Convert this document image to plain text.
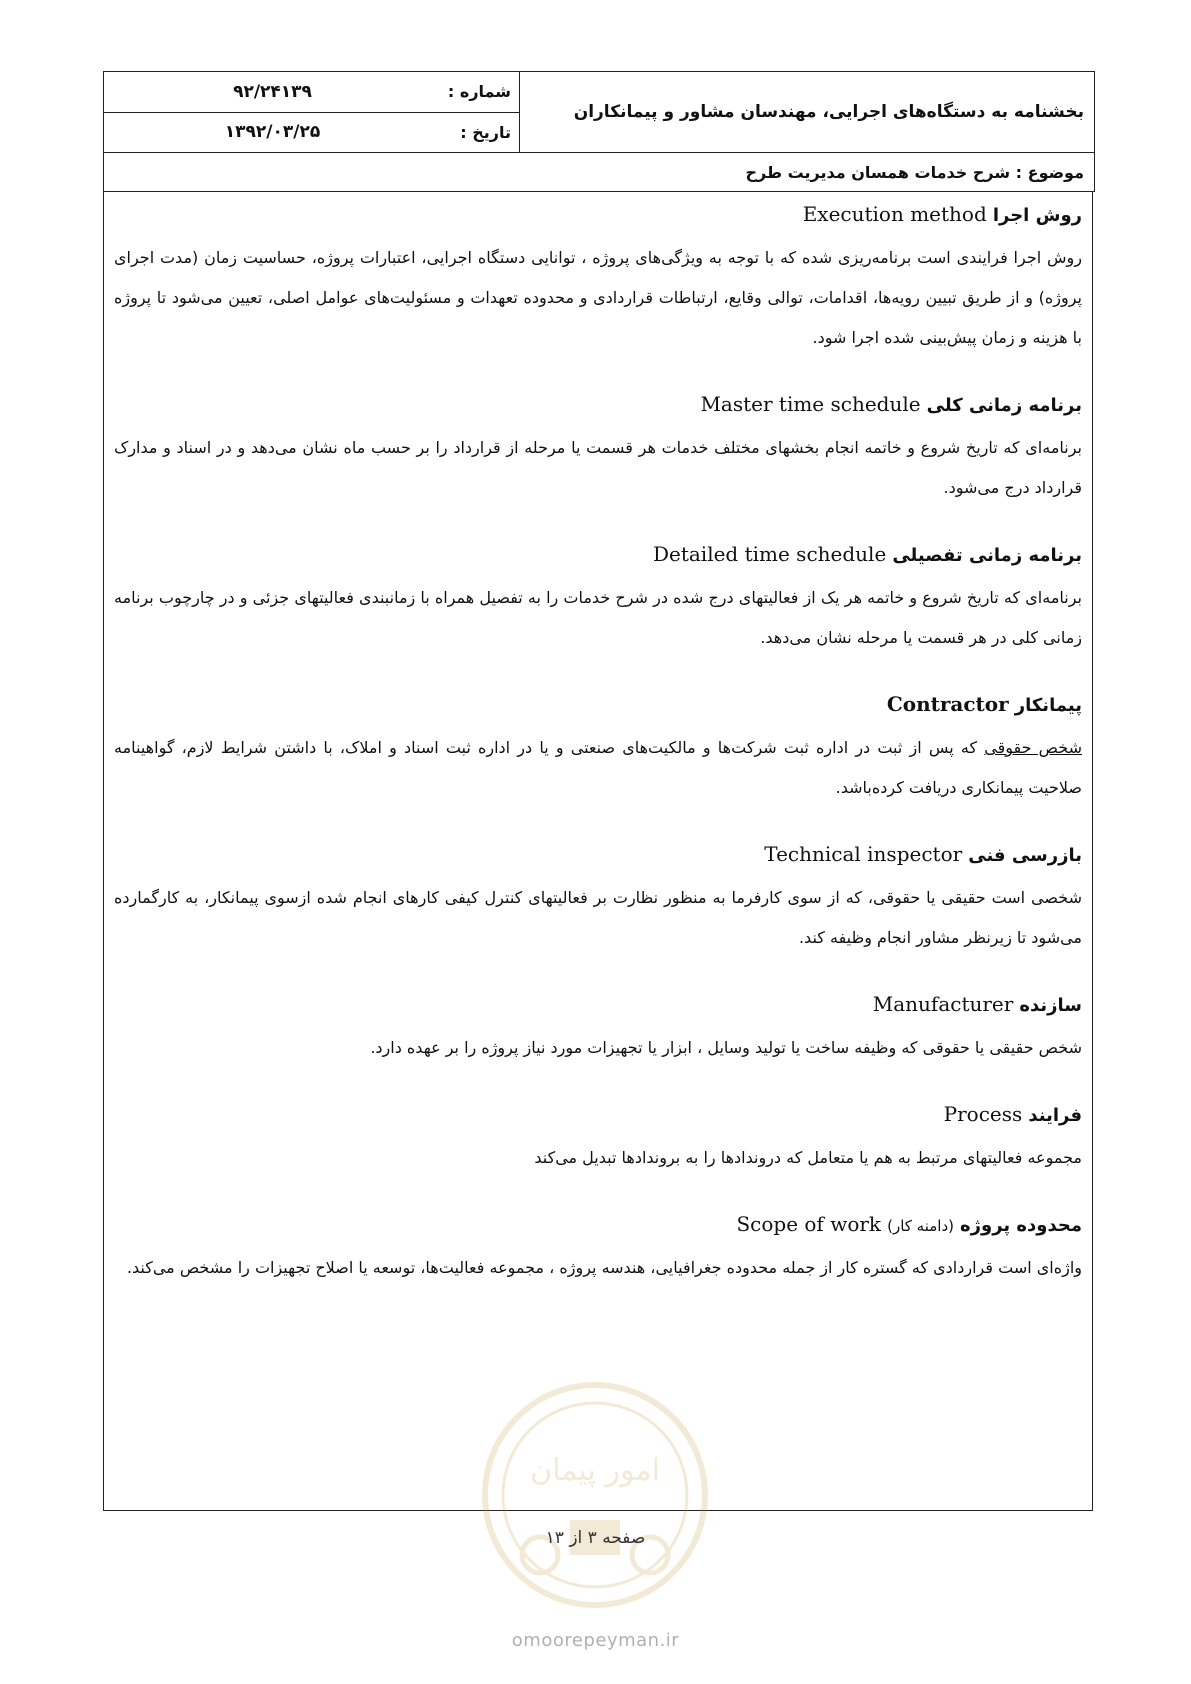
بخشنامه به دستگاه‌های اجرایی، مهندسان مشاور و پیمانکاران
شماره :
۹۲/۲۴۱۳۹
تاریخ :
۱۳۹۲/۰۳/۲۵
موضوع : شرح خدمات همسان مدیریت طرح
روش اجرا Execution method

روش اجرا فرایندی است برنامه‌ریزی شده که با توجه به ویژگی‌های پروژه ، توانایی دستگاه اجرایی، اعتبارات پروژه، حساسیت زمان (مدت اجرای پروژه) و از طریق تبیین رویه‌ها، اقدامات، توالی وقایع، ارتباطات قراردادی و محدوده تعهدات و مسئولیت‌های عوامل اصلی، تعیین می‌شود تا پروژه با هزینه و زمان پیش‌بینی شده اجرا شود.

برنامه زمانی کلی Master time schedule

برنامه‌ای که تاریخ شروع و خاتمه انجام بخشهای مختلف خدمات هر قسمت یا مرحله از قرارداد را بر حسب ماه نشان می‌دهد و در اسناد و مدارک قرارداد درج می‌شود.

برنامه زمانی تفصیلی Detailed time schedule

برنامه‌ای که تاریخ شروع و خاتمه هر یک از فعالیتهای درج شده در شرح خدمات را به تفصیل همراه با زمانبندی فعالیتهای جزئی و در چارچوب برنامه زمانی کلی در هر قسمت یا مرحله نشان می‌دهد.

پیمانکار Contractor

شخص حقوقی که پس از ثبت در اداره ثبت شرکت‌ها و مالکیت‌های صنعتی و یا در اداره ثبت اسناد و املاک، با داشتن شرایط لازم، گواهینامه صلاحیت پیمانکاری دریافت کرده‌باشد.

بازرسی فنی Technical inspector

شخصی است حقیقی یا حقوقی، که از سوی کارفرما به منظور نظارت بر فعالیتهای کنترل کیفی کارهای انجام شده ازسوی پیمانکار، به کارگمارده می‌شود تا زیرنظر مشاور انجام وظیفه کند.

سازنده Manufacturer

شخص حقیقی یا حقوقی که وظیفه ساخت یا تولید وسایل ، ابزار یا تجهیزات مورد نیاز پروژه را بر عهده دارد.

فرایند Process

مجموعه فعالیتهای مرتبط به هم یا متعامل که دروندادها را به بروندادها تبدیل می‌کند

محدوده پروژه (دامنه کار) Scope of work

واژه‌ای است قراردادی که گستره کار از جمله محدوده جغرافیایی، هندسه پروژه ، مجموعه فعالیت‌ها، توسعه یا اصلاح تجهیزات را مشخص می‌کند.

امور پیمان
صفحه ۳ از ۱۳
omoorepeyman.ir
